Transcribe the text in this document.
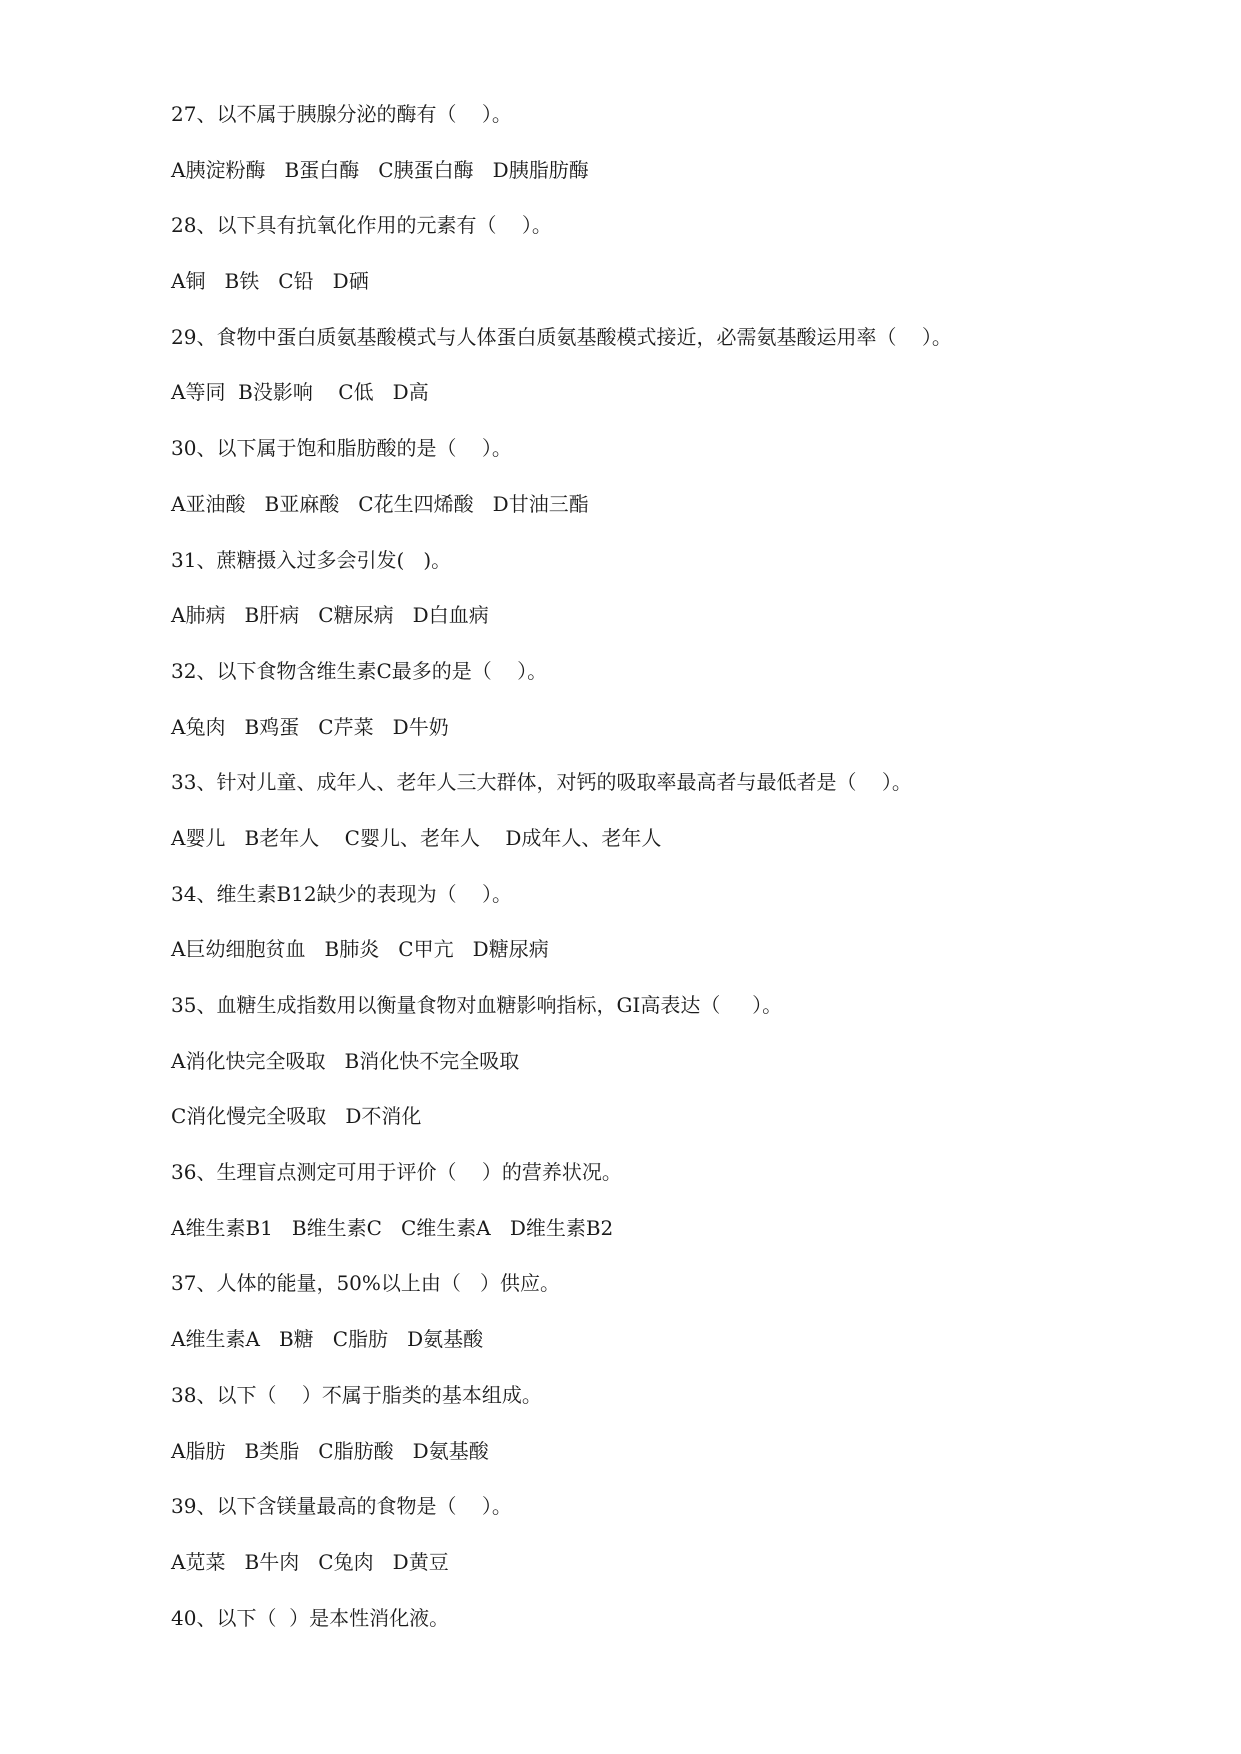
27、以不属于胰腺分泌的酶有（    ）。
A胰淀粉酶   B蛋白酶   C胰蛋白酶   D胰脂肪酶
28、以下具有抗氧化作用的元素有（    ）。
A铜   B铁   C铅   D硒
29、食物中蛋白质氨基酸模式与人体蛋白质氨基酸模式接近，必需氨基酸运用率（    ）。
A等同  B没影响    C低   D高
30、以下属于饱和脂肪酸的是（    ）。
A亚油酸   B亚麻酸   C花生四烯酸   D甘油三酯
31、蔗糖摄入过多会引发(   )。
A肺病   B肝病   C糖尿病   D白血病
32、以下食物含维生素C最多的是（    ）。
A兔肉   B鸡蛋   C芹菜   D牛奶
33、针对儿童、成年人、老年人三大群体，对钙的吸取率最高者与最低者是（    ）。
A婴儿   B老年人    C婴儿、老年人    D成年人、老年人
34、维生素B12缺少的表现为（    ）。
A巨幼细胞贫血   B肺炎   C甲亢   D糖尿病
35、血糖生成指数用以衡量食物对血糖影响指标，GI高表达（     ）。
A消化快完全吸取   B消化快不完全吸取
C消化慢完全吸取   D不消化
36、生理盲点测定可用于评价（    ）的营养状况。
A维生素B1   B维生素C   C维生素A   D维生素B2
37、人体的能量，50%以上由（   ）供应。
A维生素A   B糖   C脂肪   D氨基酸
38、以下（    ）不属于脂类的基本组成。
A脂肪   B类脂   C脂肪酸   D氨基酸
39、以下含镁量最高的食物是（    ）。
A苋菜   B牛肉   C兔肉   D黄豆
40、以下（  ）是本性消化液。
